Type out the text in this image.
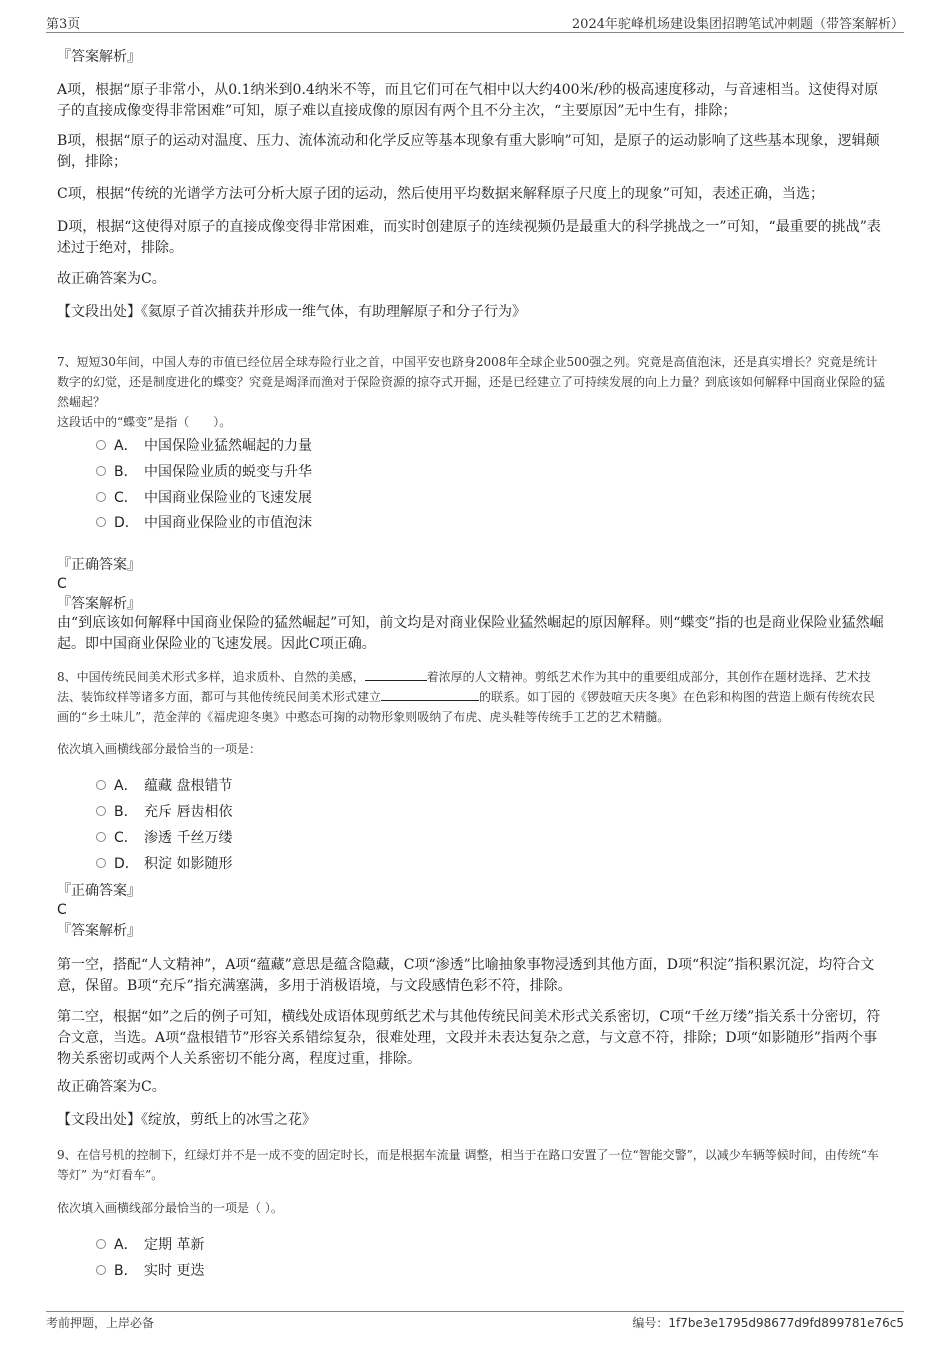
第3页	2024年驼峰机场建设集团招聘笔试冲刺题（带答案解析）
『答案解析』

A项，根据“原子非常小，从0.1纳米到0.4纳米不等，而且它们可在气相中以大约400米/秒的极高速度移动，与音速相当。这使得对原子的直接成像变得非常困难”可知，原子难以直接成像的原因有两个且不分主次，“主要原因”无中生有，排除；

B项，根据“原子的运动对温度、压力、流体流动和化学反应等基本现象有重大影响”可知，是原子的运动影响了这些基本现象，逻辑颠倒，排除；

C项，根据“传统的光谱学方法可分析大原子团的运动，然后使用平均数据来解释原子尺度上的现象”可知，表述正确，当选；

D项，根据“这使得对原子的直接成像变得非常困难，而实时创建原子的连续视频仍是最重大的科学挑战之一”可知，“最重要的挑战”表述过于绝对，排除。

故正确答案为C。
【文段出处】《氦原子首次捕获并形成一维气体，有助理解原子和分子行为》

7、短短30年间，中国人寿的市值已经位居全球寿险行业之首，中国平安也跻身2008年全球企业500强之列。究竟是高值泡沫，还是真实增长？究竟是统计数字的幻觉，还是制度进化的蝶变？究竟是竭泽而渔对于保险资源的掠夺式开掘，还是已经建立了可持续发展的向上力量？到底该如何解释中国商业保险的猛然崛起？

这段话中的“蝶变”是指（　　）。
A． 中国保险业猛然崛起的力量
B． 中国保险业质的蜕变与升华
C． 中国商业保险业的飞速发展
D． 中国商业保险业的市值泡沫
『正确答案』
C
『答案解析』

由“到底该如何解释中国商业保险的猛然崛起”可知，前文均是对商业保险业猛然崛起的原因解释。则“蝶变”指的也是商业保险业猛然崛起。即中国商业保险业的飞速发展。因此C项正确。

8、中国传统民间美术形式多样，追求质朴、自然的美感，	着浓厚的人文精神。剪纸艺术作为其中的重要组成部分，其创作在题材选择、艺术技法、装饰纹样等诸多方面，都可与其他传统民间美术形式建立	的联系。如丁园的《锣鼓喧天庆冬奥》在色彩和构图的营造上颇有传统农民画的“乡土味儿”，范金萍的《福虎迎冬奥》中憨态可掬的动物形象则吸纳了布虎、虎头鞋等传统手工艺的艺术精髓。

依次填入画横线部分最恰当的一项是：
A． 蕴藏 盘根错节
B． 充斥 唇齿相依
C． 渗透 千丝万缕
D． 积淀 如影随形
『正确答案』
C
『答案解析』

第一空，搭配“人文精神”，A项“蕴藏”意思是蕴含隐藏，C项“渗透”比喻抽象事物浸透到其他方面，D项“积淀”指积累沉淀，均符合文意，保留。B项“充斥”指充满塞满，多用于消极语境，与文段感情色彩不符，排除。

第二空，根据“如”之后的例子可知，横线处成语体现剪纸艺术与其他传统民间美术形式关系密切，C项“千丝万缕”指关系十分密切，符合文意，当选。A项“盘根错节”形容关系错综复杂，很难处理，文段并未表达复杂之意，与文意不符，排除；D项“如影随形”指两个事物关系密切或两个人关系密切不能分离，程度过重，排除。

故正确答案为C。
【文段出处】《绽放，剪纸上的冰雪之花》

9、在信号机的控制下，红绿灯并不是一成不变的固定时长，而是根据车流量 调整，相当于在路口安置了一位“智能交警”，以减少车辆等候时间，由传统“车等灯” 为“灯看车”。

依次填入画横线部分最恰当的一项是（ ）。
A． 定期 革新
B． 实时 更迭
考前押题，上岸必备	编号：1f7be3e1795d98677d9fd899781e76c5
